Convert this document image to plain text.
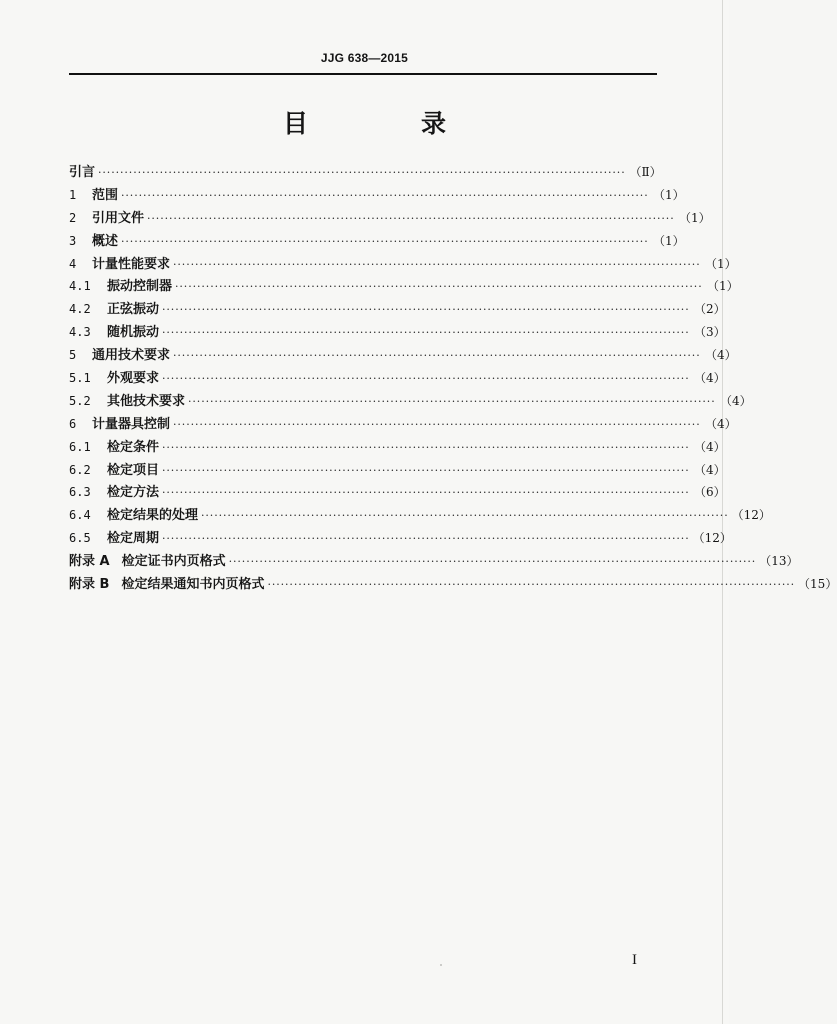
JJG 638—2015
目　录
引言 ························································································································ （Ⅱ）
1	范围 ························································································································ （1）
2	引用文件 ························································································································ （1）
3	概述 ························································································································ （1）
4	计量性能要求 ························································································································ （1）
4.1	振动控制器 ························································································································ （1）
4.2	正弦振动 ························································································································ （2）
4.3	随机振动 ························································································································ （3）
5	通用技术要求 ························································································································ （4）
5.1	外观要求 ························································································································ （4）
5.2	其他技术要求 ························································································································ （4）
6	计量器具控制 ························································································································ （4）
6.1	检定条件 ························································································································ （4）
6.2	检定项目 ························································································································ （4）
6.3	检定方法 ························································································································ （6）
6.4	检定结果的处理 ························································································································ （12）
6.5	检定周期 ························································································································ （12）
附录 A 检定证书内页格式 ························································································································ （13）
附录 B 检定结果通知书内页格式 ························································································································ （15）
I
